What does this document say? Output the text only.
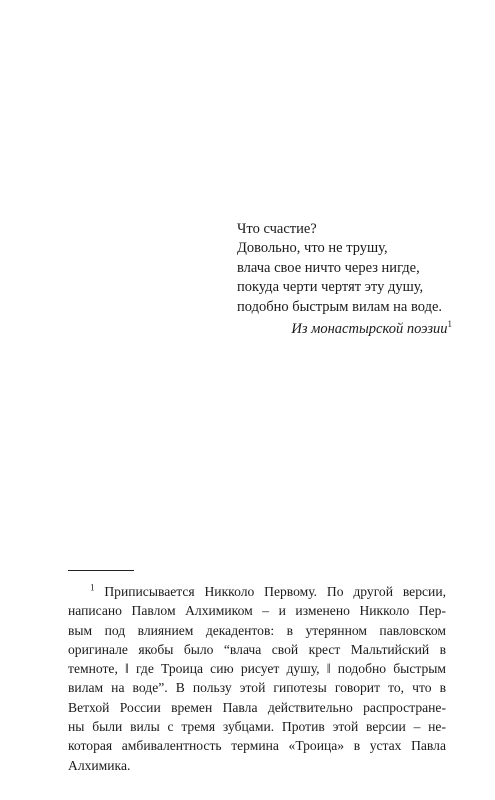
Что счастие?
Довольно, что не трушу,
влача свое ничто через нигде,
покуда черти чертят эту душу,
подобно быстрым вилам на воде.
Из монастырской поэзии$^1$
$^1$ Приписывается Никколо Первому. По другой версии,
написано Павлом Алхимиком – и изменено Никколо Пер-
вым под влиянием декадентов: в утерянном павловском
оригинале якобы было “влача свой крест Мальтийский в
темноте, ‖ где Троица сию рисует душу, ‖ подобно быстрым
вилам на воде”. В пользу этой гипотезы говорит то, что в
Ветхой России времен Павла действительно распростране-
ны были вилы с тремя зубцами. Против этой версии – не-
которая амбивалентность термина «Троица» в устах Павла
Алхимика.
